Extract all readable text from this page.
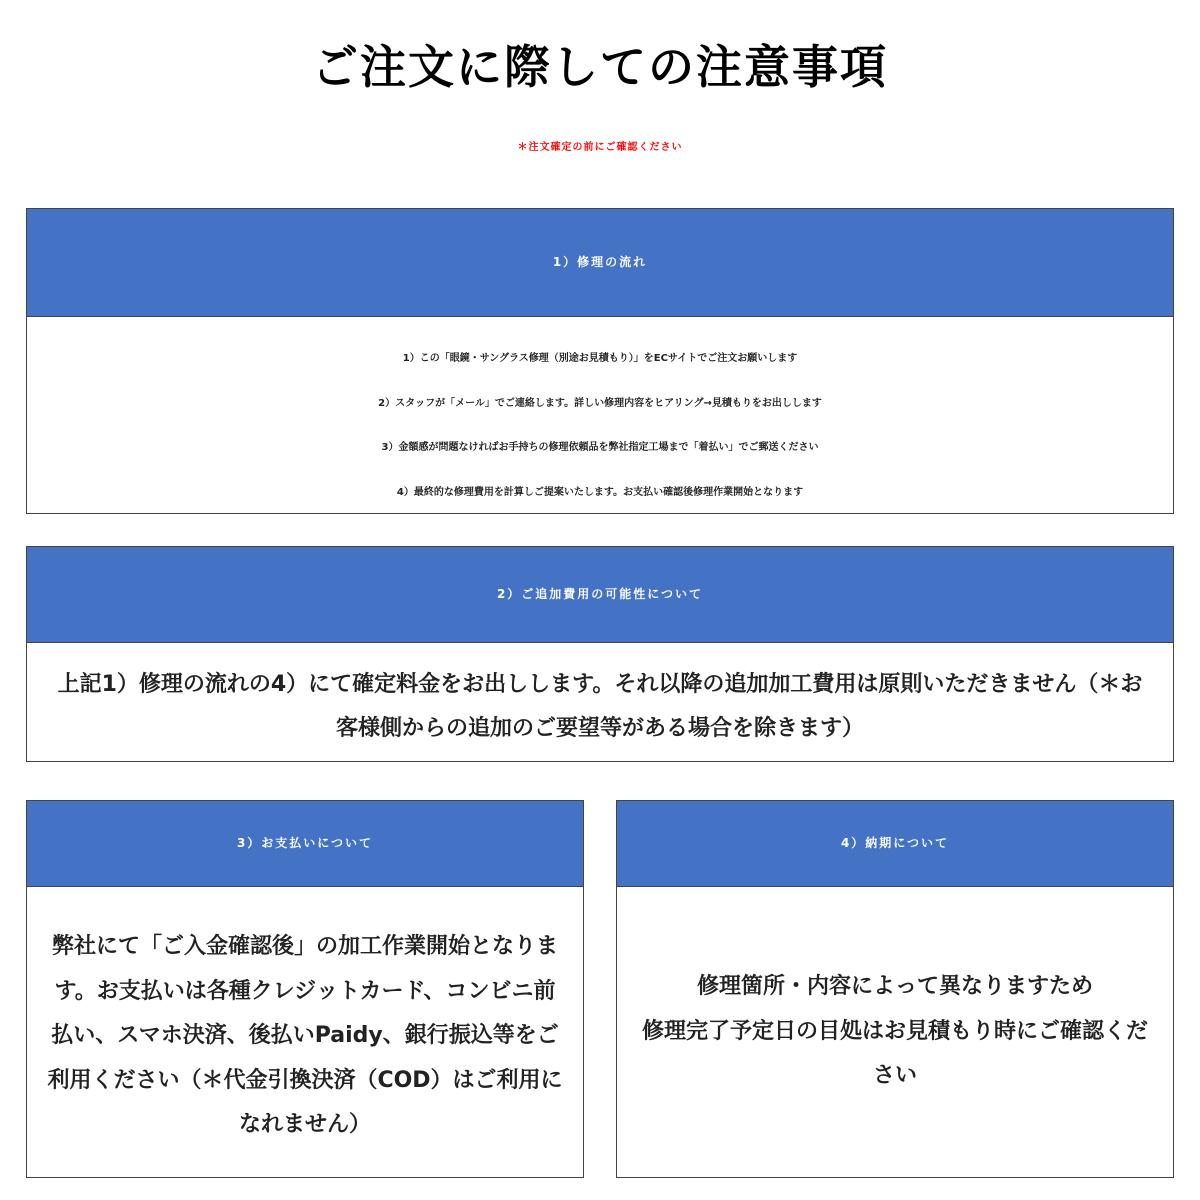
ご注文に際しての注意事項
＊注文確定の前にご確認ください
1）修理の流れ
1）この「眼鏡・サングラス修理（別途お見積もり）」をECサイトでご注文お願いします
2）スタッフが「メール」でご連絡します。詳しい修理内容をヒアリング→見積もりをお出しします
3）金額感が問題なければお手持ちの修理依頼品を弊社指定工場まで「着払い」でご郵送ください
4）最終的な修理費用を計算しご提案いたします。お支払い確認後修理作業開始となります
2）ご追加費用の可能性について
上記1）修理の流れの4）にて確定料金をお出しします。それ以降の追加加工費用は原則いただきません（＊お客様側からの追加のご要望等がある場合を除きます）
3）お支払いについて
弊社にて「ご入金確認後」の加工作業開始となります。お支払いは各種クレジットカード、コンビニ前払い、スマホ決済、後払いPaidy、銀行振込等をご利用ください（＊代金引換決済（COD）はご利用になれません）
4）納期について
修理箇所・内容によって異なりますため
修理完了予定日の目処はお見積もり時にご確認ください
